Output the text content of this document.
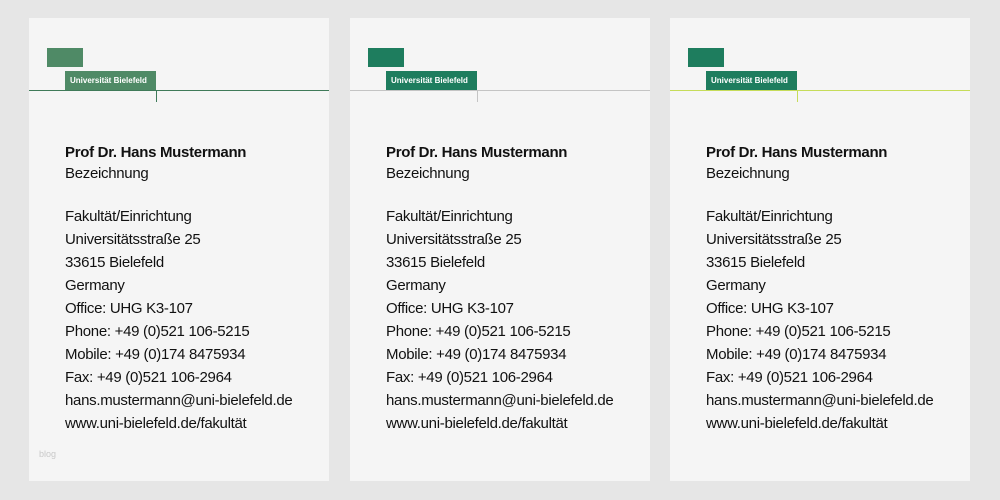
Universität Bielefeld
Prof Dr. Hans Mustermann
Bezeichnung
Fakultät/Einrichtung
Universitätsstraße 25
33615 Bielefeld
Germany
Office: UHG K3-107
Phone: +49 (0)521 106-5215
Mobile: +49 (0)174 8475934
Fax: +49 (0)521 106-2964
hans.mustermann@uni-bielefeld.de
www.uni-bielefeld.de/fakultät
blog
Universität Bielefeld
Prof Dr. Hans Mustermann
Bezeichnung
Fakultät/Einrichtung
Universitätsstraße 25
33615 Bielefeld
Germany
Office: UHG K3-107
Phone: +49 (0)521 106-5215
Mobile: +49 (0)174 8475934
Fax: +49 (0)521 106-2964
hans.mustermann@uni-bielefeld.de
www.uni-bielefeld.de/fakultät
Universität Bielefeld
Prof Dr. Hans Mustermann
Bezeichnung
Fakultät/Einrichtung
Universitätsstraße 25
33615 Bielefeld
Germany
Office: UHG K3-107
Phone: +49 (0)521 106-5215
Mobile: +49 (0)174 8475934
Fax: +49 (0)521 106-2964
hans.mustermann@uni-bielefeld.de
www.uni-bielefeld.de/fakultät
